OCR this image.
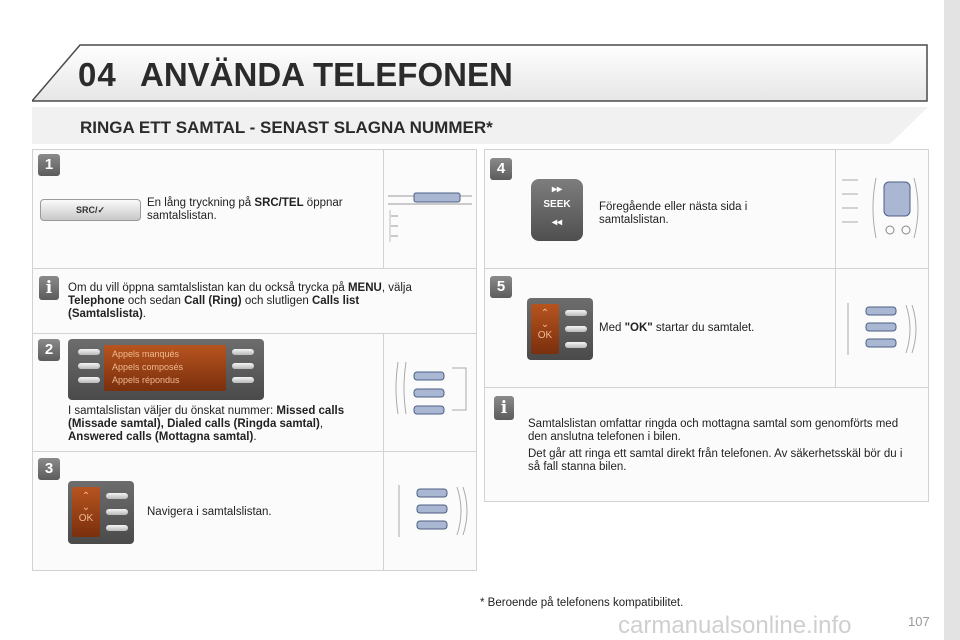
04 ANVÄNDA TELEFONEN
RINGA ETT SAMTAL - SENAST SLAGNA NUMMER*
1
SRC/✓
En lång tryckning på SRC/TEL öppnar samtalslistan.
i	Om du vill öppna samtalslistan kan du också trycka på MENU, välja Telephone och sedan Call (Ring) och slutligen Calls list (Samtalslista).
2	Appels manqués
Appels composés
Appels répondus
I samtalslistan väljer du önskat nummer: Missed calls (Missade samtal), Dialed calls (Ringda samtal), Answered calls (Mottagna samtal).
3
⌃
⌄
OK
Navigera i samtalslistan.
4
▸▸
SEEK
◂◂
Föregående eller nästa sida i samtalslistan.
5
⌃
⌄
OK
Med "OK" startar du samtalet.
i
Samtalslistan omfattar ringda och mottagna samtal som genomförts med den anslutna telefonen i bilen.
Det går att ringa ett samtal direkt från telefonen. Av säkerhetsskäl bör du i så fall stanna bilen.
* Beroende på telefonens kompatibilitet.
carmanualsonline.info	107
